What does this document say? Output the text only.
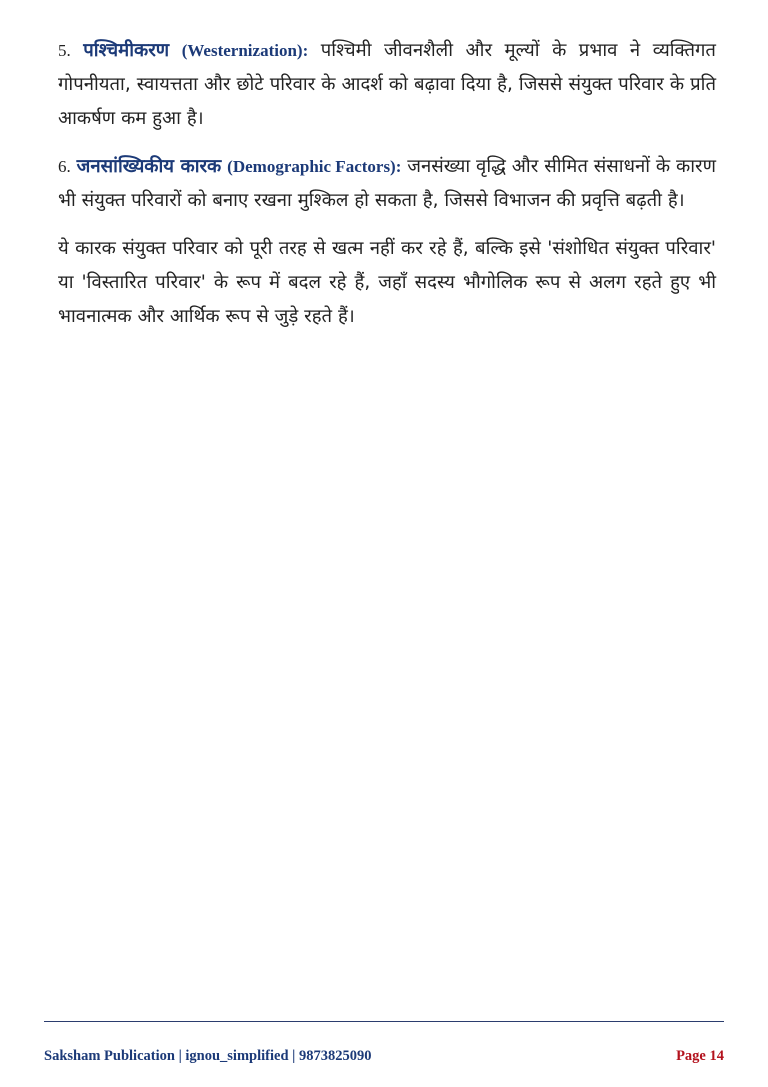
5. पश्चिमीकरण (Westernization): पश्चिमी जीवनशैली और मूल्यों के प्रभाव ने व्यक्तिगत गोपनीयता, स्वायत्तता और छोटे परिवार के आदर्श को बढ़ावा दिया है, जिससे संयुक्त परिवार के प्रति आकर्षण कम हुआ है।

6. जनसांख्यिकीय कारक (Demographic Factors): जनसंख्या वृद्धि और सीमित संसाधनों के कारण भी संयुक्त परिवारों को बनाए रखना मुश्किल हो सकता है, जिससे विभाजन की प्रवृत्ति बढ़ती है।

ये कारक संयुक्त परिवार को पूरी तरह से खत्म नहीं कर रहे हैं, बल्कि इसे 'संशोधित संयुक्त परिवार' या 'विस्तारित परिवार' के रूप में बदल रहे हैं, जहाँ सदस्य भौगोलिक रूप से अलग रहते हुए भी भावनात्मक और आर्थिक रूप से जुड़े रहते हैं।

Saksham Publication | ignou_simplified | 9873825090	Page 14
